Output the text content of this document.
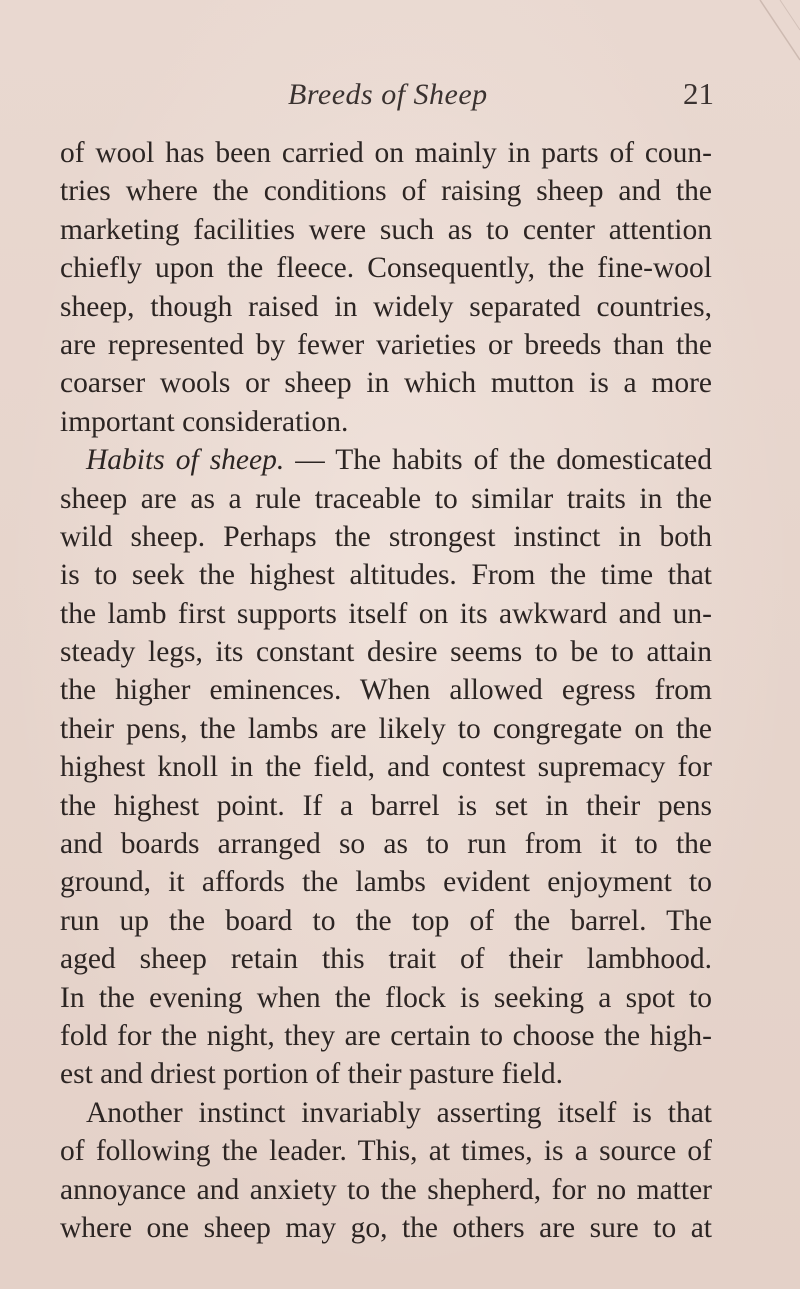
Breeds of Sheep	21
of wool has been carried on mainly in parts of coun-
tries where the conditions of raising sheep and the
marketing facilities were such as to center attention
chiefly upon the fleece. Consequently, the fine-wool
sheep, though raised in widely separated countries,
are represented by fewer varieties or breeds than the
coarser wools or sheep in which mutton is a more
important consideration.
Habits of sheep. — The habits of the domesticated
sheep are as a rule traceable to similar traits in the
wild sheep. Perhaps the strongest instinct in both
is to seek the highest altitudes. From the time that
the lamb first supports itself on its awkward and un-
steady legs, its constant desire seems to be to attain
the higher eminences. When allowed egress from
their pens, the lambs are likely to congregate on the
highest knoll in the field, and contest supremacy for
the highest point. If a barrel is set in their pens
and boards arranged so as to run from it to the
ground, it affords the lambs evident enjoyment to
run up the board to the top of the barrel. The
aged sheep retain this trait of their lambhood.
In the evening when the flock is seeking a spot to
fold for the night, they are certain to choose the high-
est and driest portion of their pasture field.
Another instinct invariably asserting itself is that
of following the leader. This, at times, is a source of
annoyance and anxiety to the shepherd, for no matter
where one sheep may go, the others are sure to at
